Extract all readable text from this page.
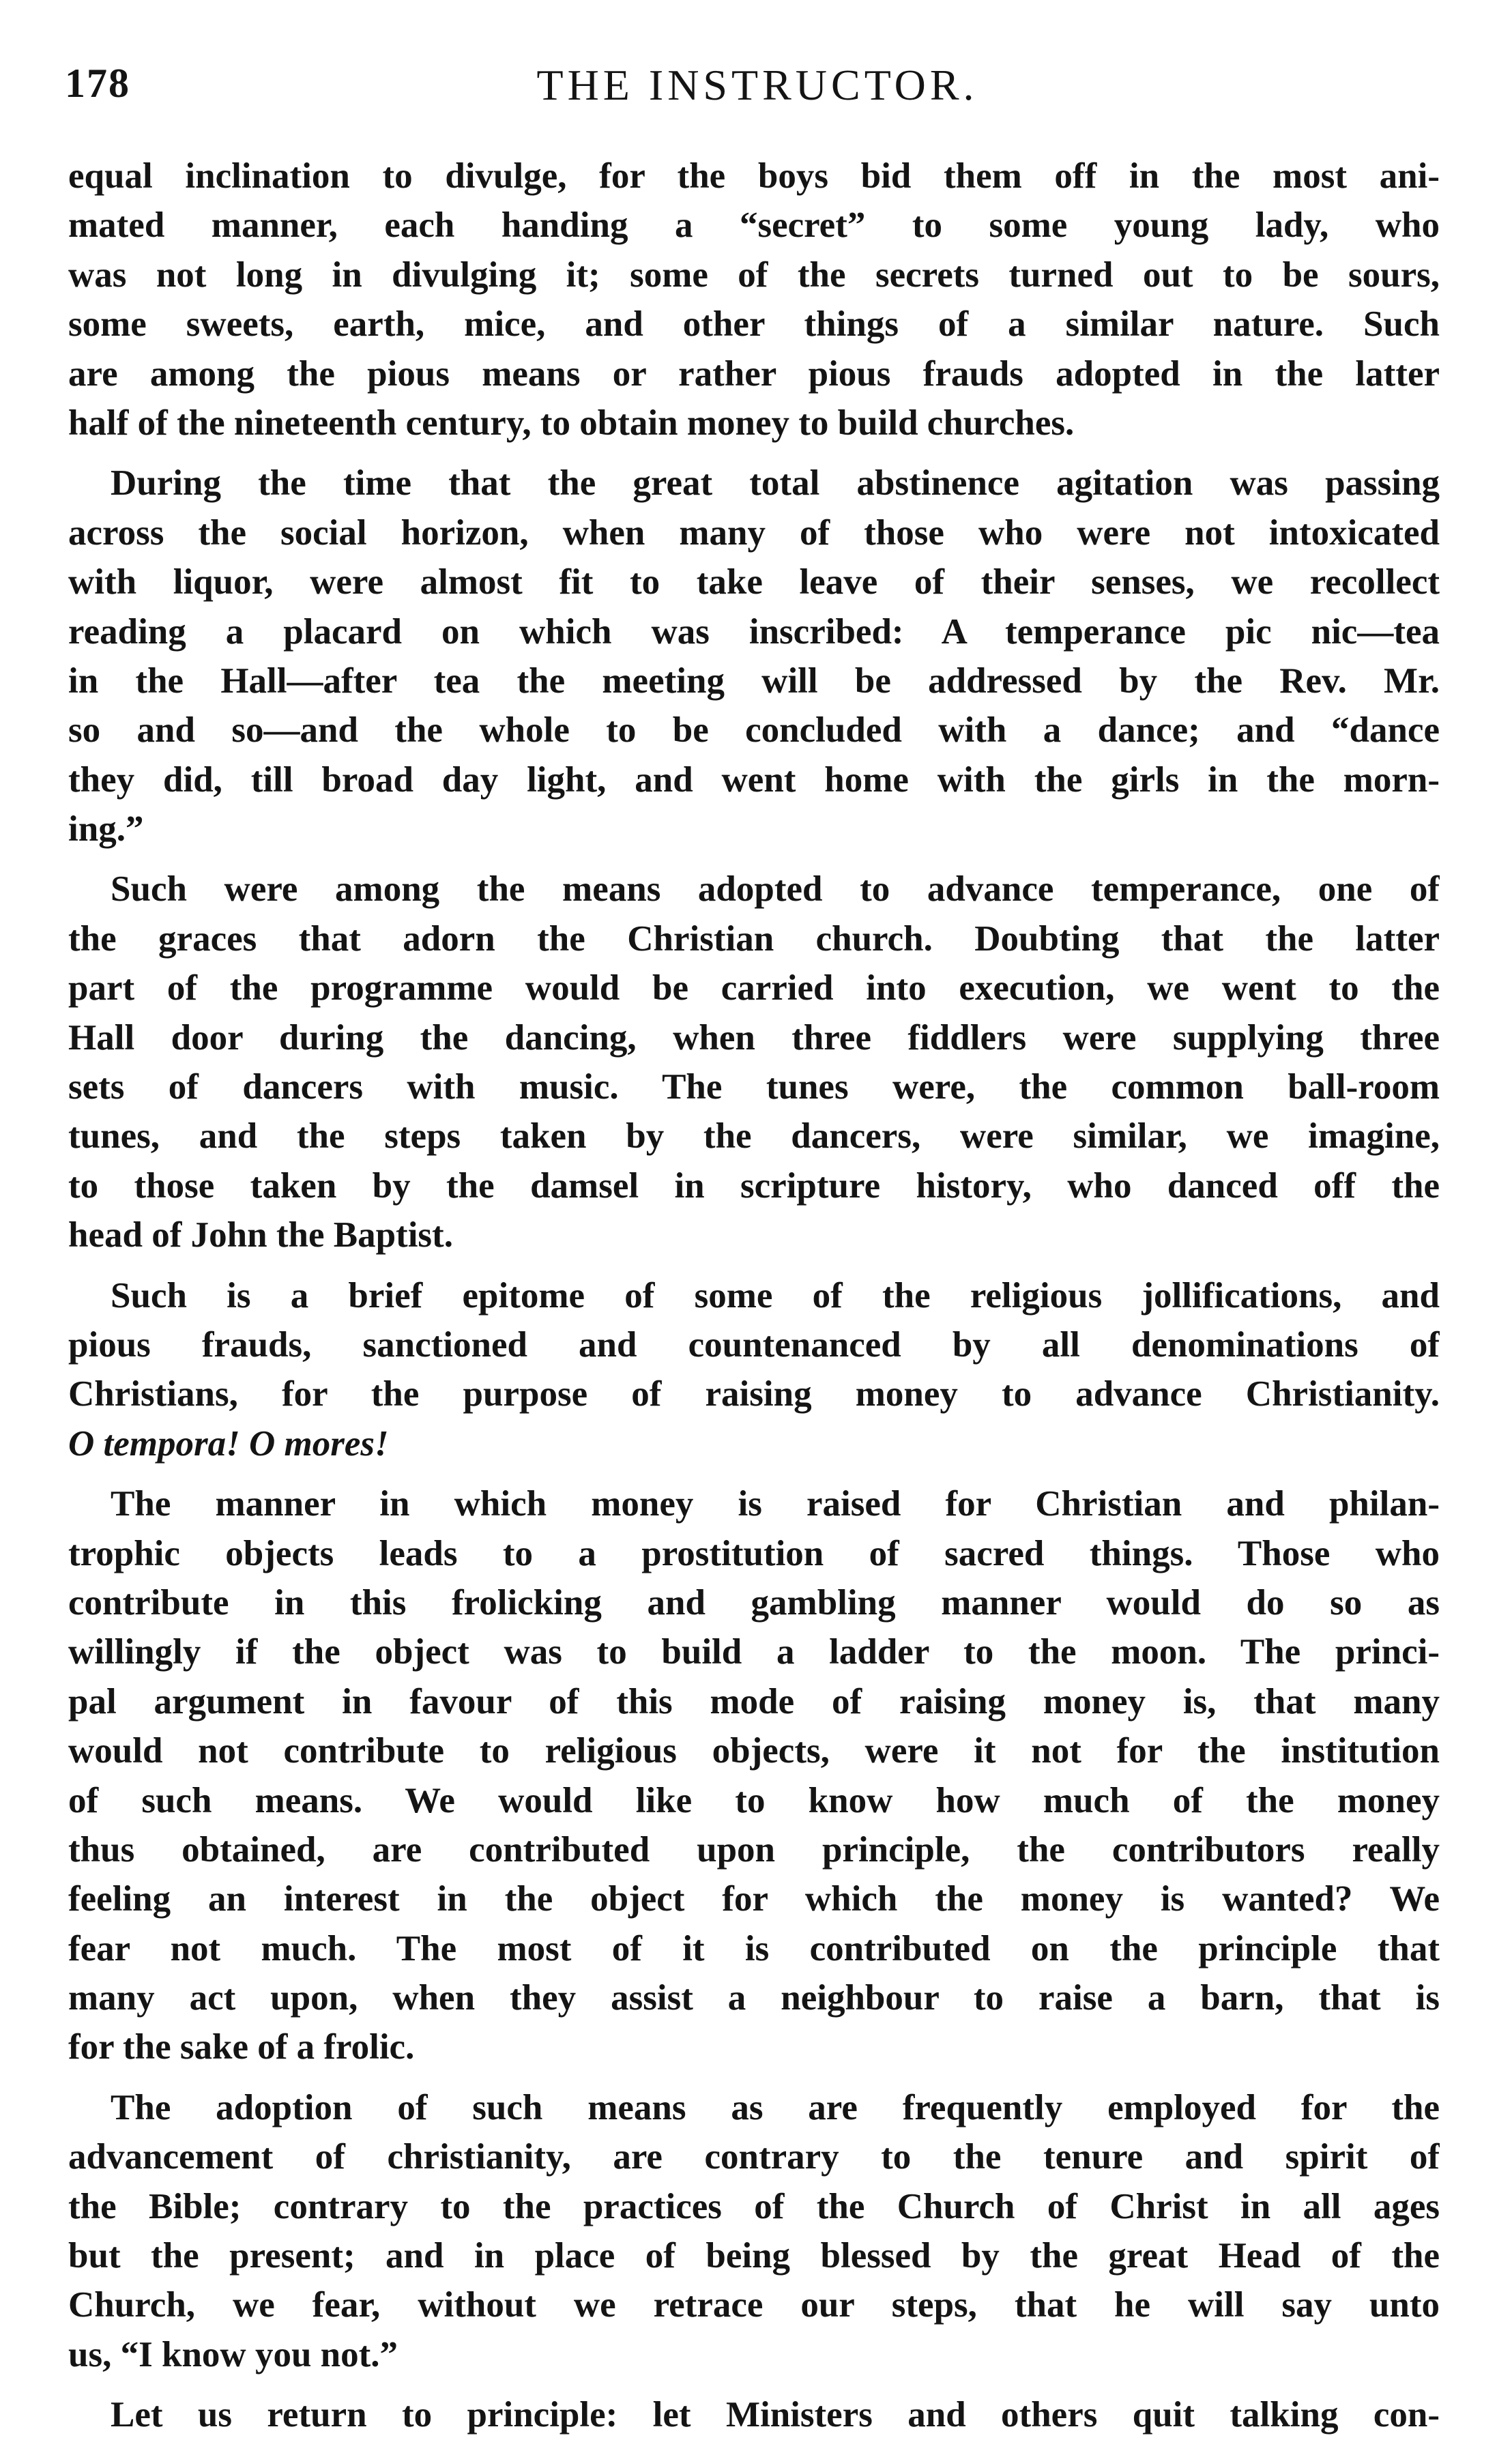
178	THE INSTRUCTOR.
equal inclination to divulge, for the boys bid them off in the most ani-
mated manner, each handing a “secret” to some young lady, who
was not long in divulging it; some of the secrets turned out to be sours,
some sweets, earth, mice, and other things of a similar nature. Such
are among the pious means or rather pious frauds adopted in the latter
half of the nineteenth century, to obtain money to build churches.
During the time that the great total abstinence agitation was passing
across the social horizon, when many of those who were not intoxicated
with liquor, were almost fit to take leave of their senses, we recollect
reading a placard on which was inscribed: A temperance pic nic—tea
in the Hall—after tea the meeting will be addressed by the Rev. Mr.
so and so—and the whole to be concluded with a dance; and “dance
they did, till broad day light, and went home with the girls in the morn-
ing.”
Such were among the means adopted to advance temperance, one of
the graces that adorn the Christian church. Doubting that the latter
part of the programme would be carried into execution, we went to the
Hall door during the dancing, when three fiddlers were supplying three
sets of dancers with music. The tunes were, the common ball-room
tunes, and the steps taken by the dancers, were similar, we imagine,
to those taken by the damsel in scripture history, who danced off the
head of John the Baptist.
Such is a brief epitome of some of the religious jollifications, and
pious frauds, sanctioned and countenanced by all denominations of
Christians, for the purpose of raising money to advance Christianity.
O tempora! O mores!
The manner in which money is raised for Christian and philan-
trophic objects leads to a prostitution of sacred things. Those who
contribute in this frolicking and gambling manner would do so as
willingly if the object was to build a ladder to the moon. The princi-
pal argument in favour of this mode of raising money is, that many
would not contribute to religious objects, were it not for the institution
of such means. We would like to know how much of the money
thus obtained, are contributed upon principle, the contributors really
feeling an interest in the object for which the money is wanted? We
fear not much. The most of it is contributed on the principle that
many act upon, when they assist a neighbour to raise a barn, that is
for the sake of a frolic.
The adoption of such means as are frequently employed for the
advancement of christianity, are contrary to the tenure and spirit of
the Bible; contrary to the practices of the Church of Christ in all ages
but the present; and in place of being blessed by the great Head of the
Church, we fear, without we retrace our steps, that he will say unto
us, “I know you not.”
Let us return to principle: let Ministers and others quit talking con-
